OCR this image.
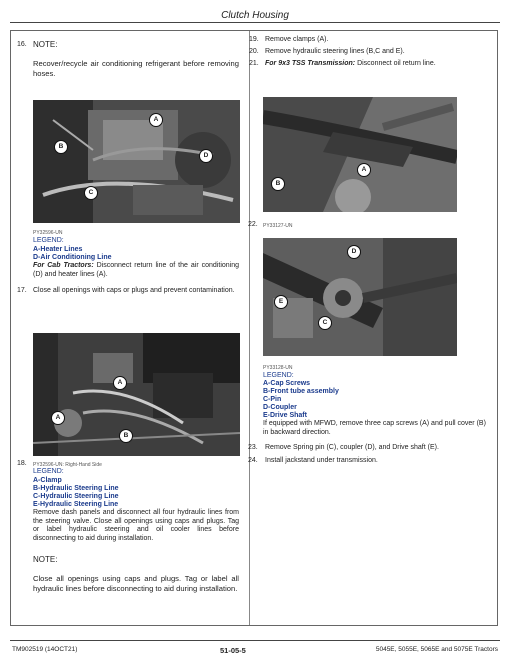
Clutch Housing
16. NOTE:
Recover/recycle air conditioning refrigerant before removing hoses.
A
B
D
C
PY32596-UN
LEGEND:
A-Heater Lines
D-Air Conditioning Line
For Cab Tractors: Disconnect return line of the air conditioning (D) and heater lines (A).
17. Close all openings with caps or plugs and prevent contamination.
A
A
B
18. PY32596-UN: Right-Hand Side
LEGEND:
A-Clamp
B-Hydraulic Steering Line
C-Hydraulic Steering Line
E-Hydraulic Steering Line
Remove dash panels and disconnect all four hydraulic lines from the steering valve. Close all openings using caps and plugs. Tag or label hydraulic steering and oil cooler lines before disconnecting to aid during installation.
NOTE:
Close all openings using caps and plugs. Tag or label all hydraulic lines before disconnecting to aid during installation.
19. Remove clamps (A).
20. Remove hydraulic steering lines (B,C and E).
21. For 9x3 TSS Transmission: Disconnect oil return line.
A
B
22. PY33127-UN
D
E
C
PY33128-UN
LEGEND:
A-Cap Screws
B-Front tube assembly
C-Pin
D-Coupler
E-Drive Shaft
If equipped with MFWD, remove three cap screws (A) and pull cover (B) in backward direction.
23. Remove Spring pin (C), coupler (D), and Drive shaft (E).
24. Install jackstand under transmission.
TM902519 (14OCT21)	51-05-5	5045E, 5055E, 5065E and 5075E Tractors
